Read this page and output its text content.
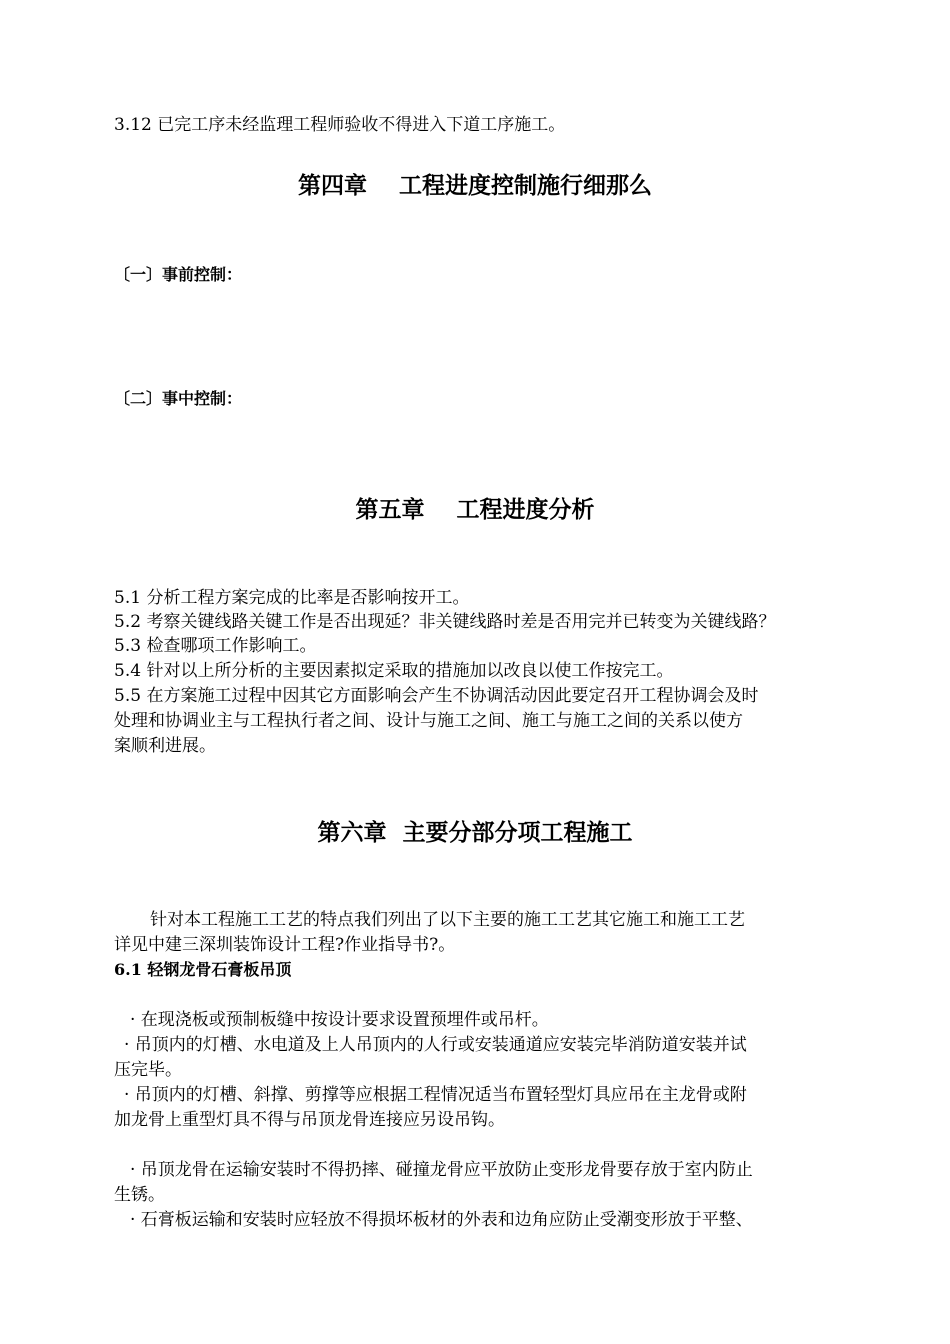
3.12 已完工序未经监理工程师验收不得进入下道工序施工。
第四章    工程进度控制施行细那么
〔一〕事前控制：
〔二〕事中控制：
第五章    工程进度分析
5.1 分析工程方案完成的比率是否影响按开工。
5.2 考察关键线路关键工作是否出现延？非关键线路时差是否用完并已转变为关键线路？
5.3 检查哪项工作影响工。
5.4 针对以上所分析的主要因素拟定采取的措施加以改良以使工作按完工。
5.5 在方案施工过程中因其它方面影响会产生不协调活动因此要定召开工程协调会及时
处理和协调业主与工程执行者之间、设计与施工之间、施工与施工之间的关系以使方
案顺利进展。
第六章  主要分部分项工程施工
针对本工程施工工艺的特点我们列出了以下主要的施工工艺其它施工和施工工艺
详见中建三深圳装饰设计工程?作业指导书?。
6.1 轻钢龙骨石膏板吊顶
· 在现浇板或预制板缝中按设计要求设置预埋件或吊杆。
· 吊顶内的灯槽、水电道及上人吊顶内的人行或安装通道应安装完毕消防道安装并试
压完毕。
· 吊顶内的灯槽、斜撑、剪撑等应根据工程情况适当布置轻型灯具应吊在主龙骨或附
加龙骨上重型灯具不得与吊顶龙骨连接应另设吊钩。
· 吊顶龙骨在运输安装时不得扔摔、碰撞龙骨应平放防止变形龙骨要存放于室内防止
生锈。
· 石膏板运输和安装时应轻放不得损坏板材的外表和边角应防止受潮变形放于平整、
